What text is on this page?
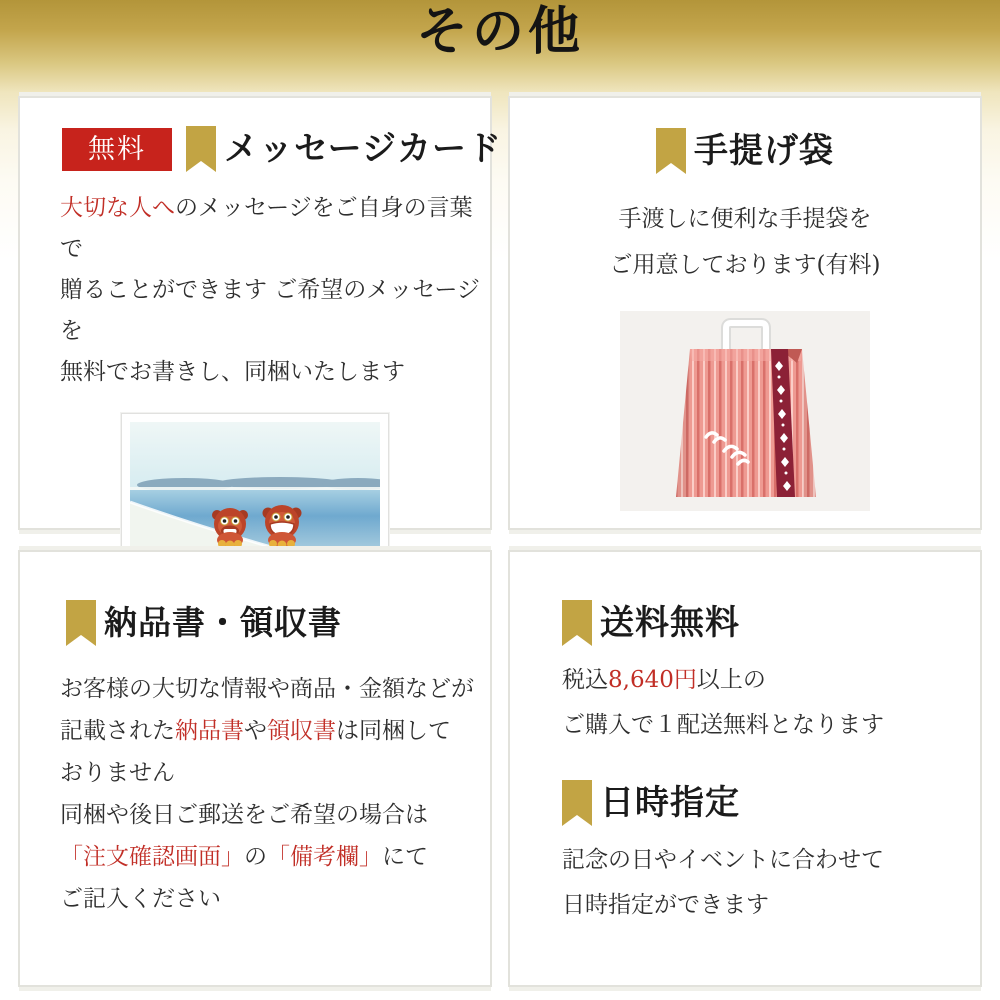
その他
無料	メッセージカード

大切な人へのメッセージをご自身の言葉で
贈ることができます ご希望のメッセージを
無料でお書きし、同梱いたします

手提げ袋

手渡しに便利な手提袋を
ご用意しております(有料)

納品書・領収書

お客様の大切な情報や商品・金額などが
記載された納品書や領収書は同梱して
おりません
同梱や後日ご郵送をご希望の場合は
「注文確認画面」の「備考欄」にて
ご記入ください

送料無料

税込8,640円以上の
ご購入で１配送無料となります

日時指定

記念の日やイベントに合わせて
日時指定ができます
